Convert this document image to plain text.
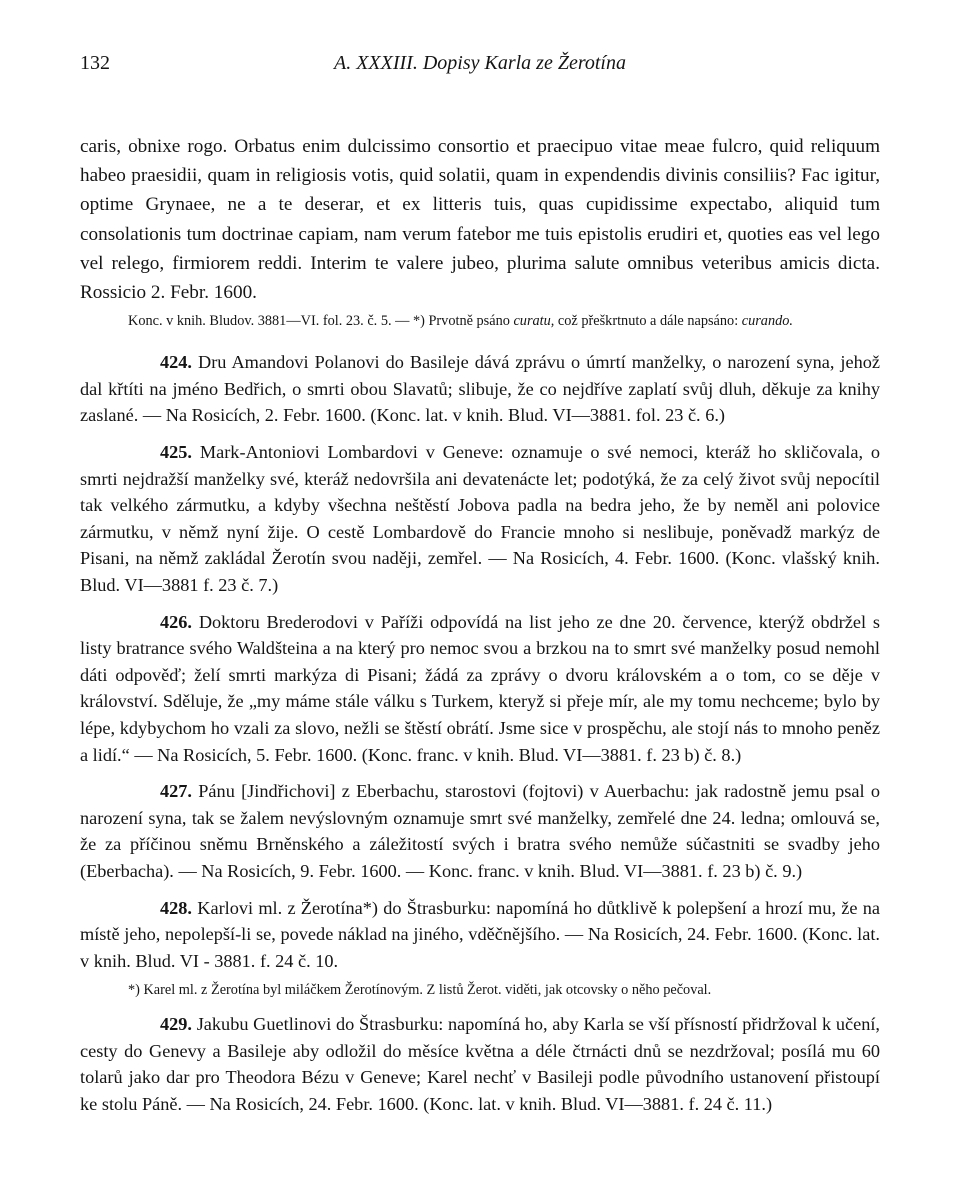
132	A. XXXIII. Dopisy Karla ze Žerotína

caris, obnixe rogo. Orbatus enim dulcissimo consortio et praecipuo vitae meae fulcro, quid reliquum habeo praesidii, quam in religiosis votis, quid solatii, quam in expendendis divinis consiliis? Fac igitur, optime Grynaee, ne a te deserar, et ex litteris tuis, quas cupidissime expectabo, aliquid tum consolationis tum doctrinae capiam, nam verum fatebor me tuis epistolis erudiri et, quoties eas vel lego vel relego, firmiorem reddi. Interim te valere jubeo, plurima salute omnibus veteribus amicis dicta. Rossicio 2. Febr. 1600.

Konc. v knih. Bludov. 3881—VI. fol. 23. č. 5. — *) Prvotně psáno curatu, což přeškrtnuto a dále napsáno: curando.

424. Dru Amandovi Polanovi do Basileje dává zprávu o úmrtí manželky, o narození syna, jehož dal křtíti na jméno Bedřich, o smrti obou Slavatů; slibuje, že co nejdříve zaplatí svůj dluh, děkuje za knihy zaslané. — Na Rosicích, 2. Febr. 1600. (Konc. lat. v knih. Blud. VI—3881. fol. 23 č. 6.)

425. Mark-Antoniovi Lombardovi v Geneve: oznamuje o své nemoci, kteráž ho skličovala, o smrti nejdražší manželky své, kteráž nedovršila ani devatenácte let; podotýká, že za celý život svůj nepocítil tak velkého zármutku, a kdyby všechna neštěstí Jobova padla na bedra jeho, že by neměl ani polovice zármutku, v němž nyní žije. O cestě Lombardově do Francie mnoho si neslibuje, poněvadž markýz de Pisani, na němž zakládal Žerotín svou naději, zemřel. — Na Rosicích, 4. Febr. 1600. (Konc. vlašský knih. Blud. VI—3881 f. 23 č. 7.)

426. Doktoru Brederodovi v Paříži odpovídá na list jeho ze dne 20. července, kterýž obdržel s listy bratrance svého Waldšteina a na který pro nemoc svou a brzkou na to smrt své manželky posud nemohl dáti odpověď; želí smrti markýza di Pisani; žádá za zprávy o dvoru královském a o tom, co se děje v království. Sděluje, že „my máme stále válku s Turkem, kteryž si přeje mír, ale my tomu nechceme; bylo by lépe, kdybychom ho vzali za slovo, nežli se štěstí obrátí. Jsme sice v prospěchu, ale stojí nás to mnoho peněz a lidí.“ — Na Rosicích, 5. Febr. 1600. (Konc. franc. v knih. Blud. VI—3881. f. 23 b) č. 8.)

427. Pánu [Jindřichovi] z Eberbachu, starostovi (fojtovi) v Auerbachu: jak radostně jemu psal o narození syna, tak se žalem nevýslovným oznamuje smrt své manželky, zemřelé dne 24. ledna; omlouvá se, že za příčinou sněmu Brněnského a záležitostí svých i bratra svého nemůže súčastniti se svadby jeho (Eberbacha). — Na Rosicích, 9. Febr. 1600. — Konc. franc. v knih. Blud. VI—3881. f. 23 b) č. 9.)

428. Karlovi ml. z Žerotína*) do Štrasburku: napomíná ho důtklivě k polepšení a hrozí mu, že na místě jeho, nepolepší-li se, povede náklad na jiného, vděčnějšího. — Na Rosicích, 24. Febr. 1600. (Konc. lat. v knih. Blud. VI - 3881. f. 24 č. 10.

*) Karel ml. z Žerotína byl miláčkem Žerotínovým. Z listů Žerot. viděti, jak otcovsky o něho pečoval.

429. Jakubu Guetlinovi do Štrasburku: napomíná ho, aby Karla se vší přísností přidržoval k učení, cesty do Genevy a Basileje aby odložil do měsíce května a déle čtrnácti dnů se nezdržoval; posílá mu 60 tolarů jako dar pro Theodora Bézu v Geneve; Karel nechť v Basileji podle původního ustanovení přistoupí ke stolu Páně. — Na Rosicích, 24. Febr. 1600. (Konc. lat. v knih. Blud. VI—3881. f. 24 č. 11.)
